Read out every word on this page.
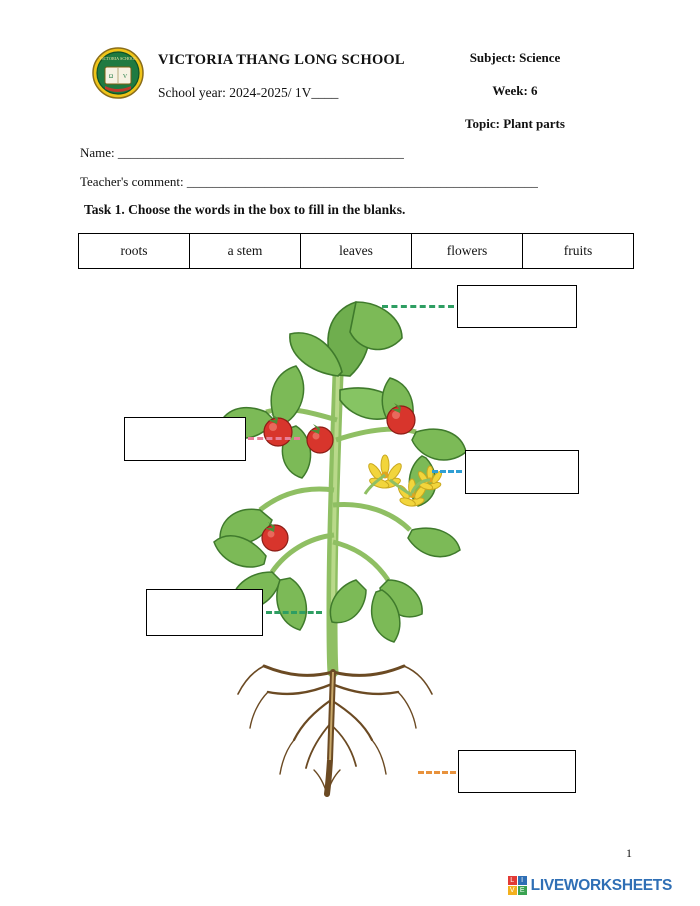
VICTORIA SCHOOL
Ω V
VICTORIA THANG LONG SCHOOL
School year: 2024-2025/ 1V____
Subject: Science
Week: 6
Topic: Plant parts
Name: ____________________________________________
Teacher's comment: ______________________________________________________
Task 1. Choose the words in the box to fill in the blanks.
roots	a stem	leaves	flowers	fruits
1
L	I
V E LIVEWORKSHEETS
